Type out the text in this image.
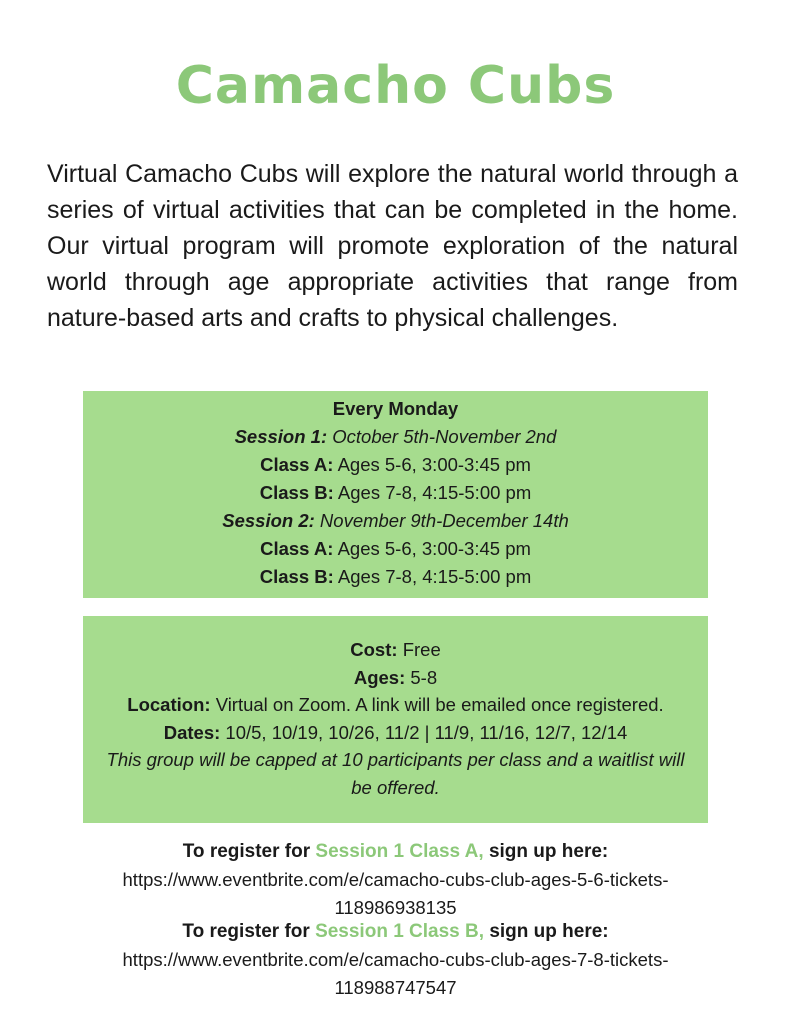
Camacho Cubs

Virtual Camacho Cubs will explore the natural world through a series of virtual activities that can be completed in the home. Our virtual program will promote exploration of the natural world through age appropriate activities that range from nature-based arts and crafts to physical challenges.

Every Monday
Session 1: October 5th-November 2nd
Class A: Ages 5-6, 3:00-3:45 pm
Class B: Ages 7-8, 4:15-5:00 pm
Session 2: November 9th-December 14th
Class A: Ages 5-6, 3:00-3:45 pm
Class B: Ages 7-8, 4:15-5:00 pm
Cost: Free
Ages: 5-8
Location: Virtual on Zoom. A link will be emailed once registered.
Dates: 10/5, 10/19, 10/26, 11/2 | 11/9, 11/16, 12/7, 12/14
This group will be capped at 10 participants per class and a waitlist will be offered.
To register for Session 1 Class A, sign up here:
https://www.eventbrite.com/e/camacho-cubs-club-ages-5-6-tickets-
118986938135
To register for Session 1 Class B, sign up here:
https://www.eventbrite.com/e/camacho-cubs-club-ages-7-8-tickets-
118988747547
